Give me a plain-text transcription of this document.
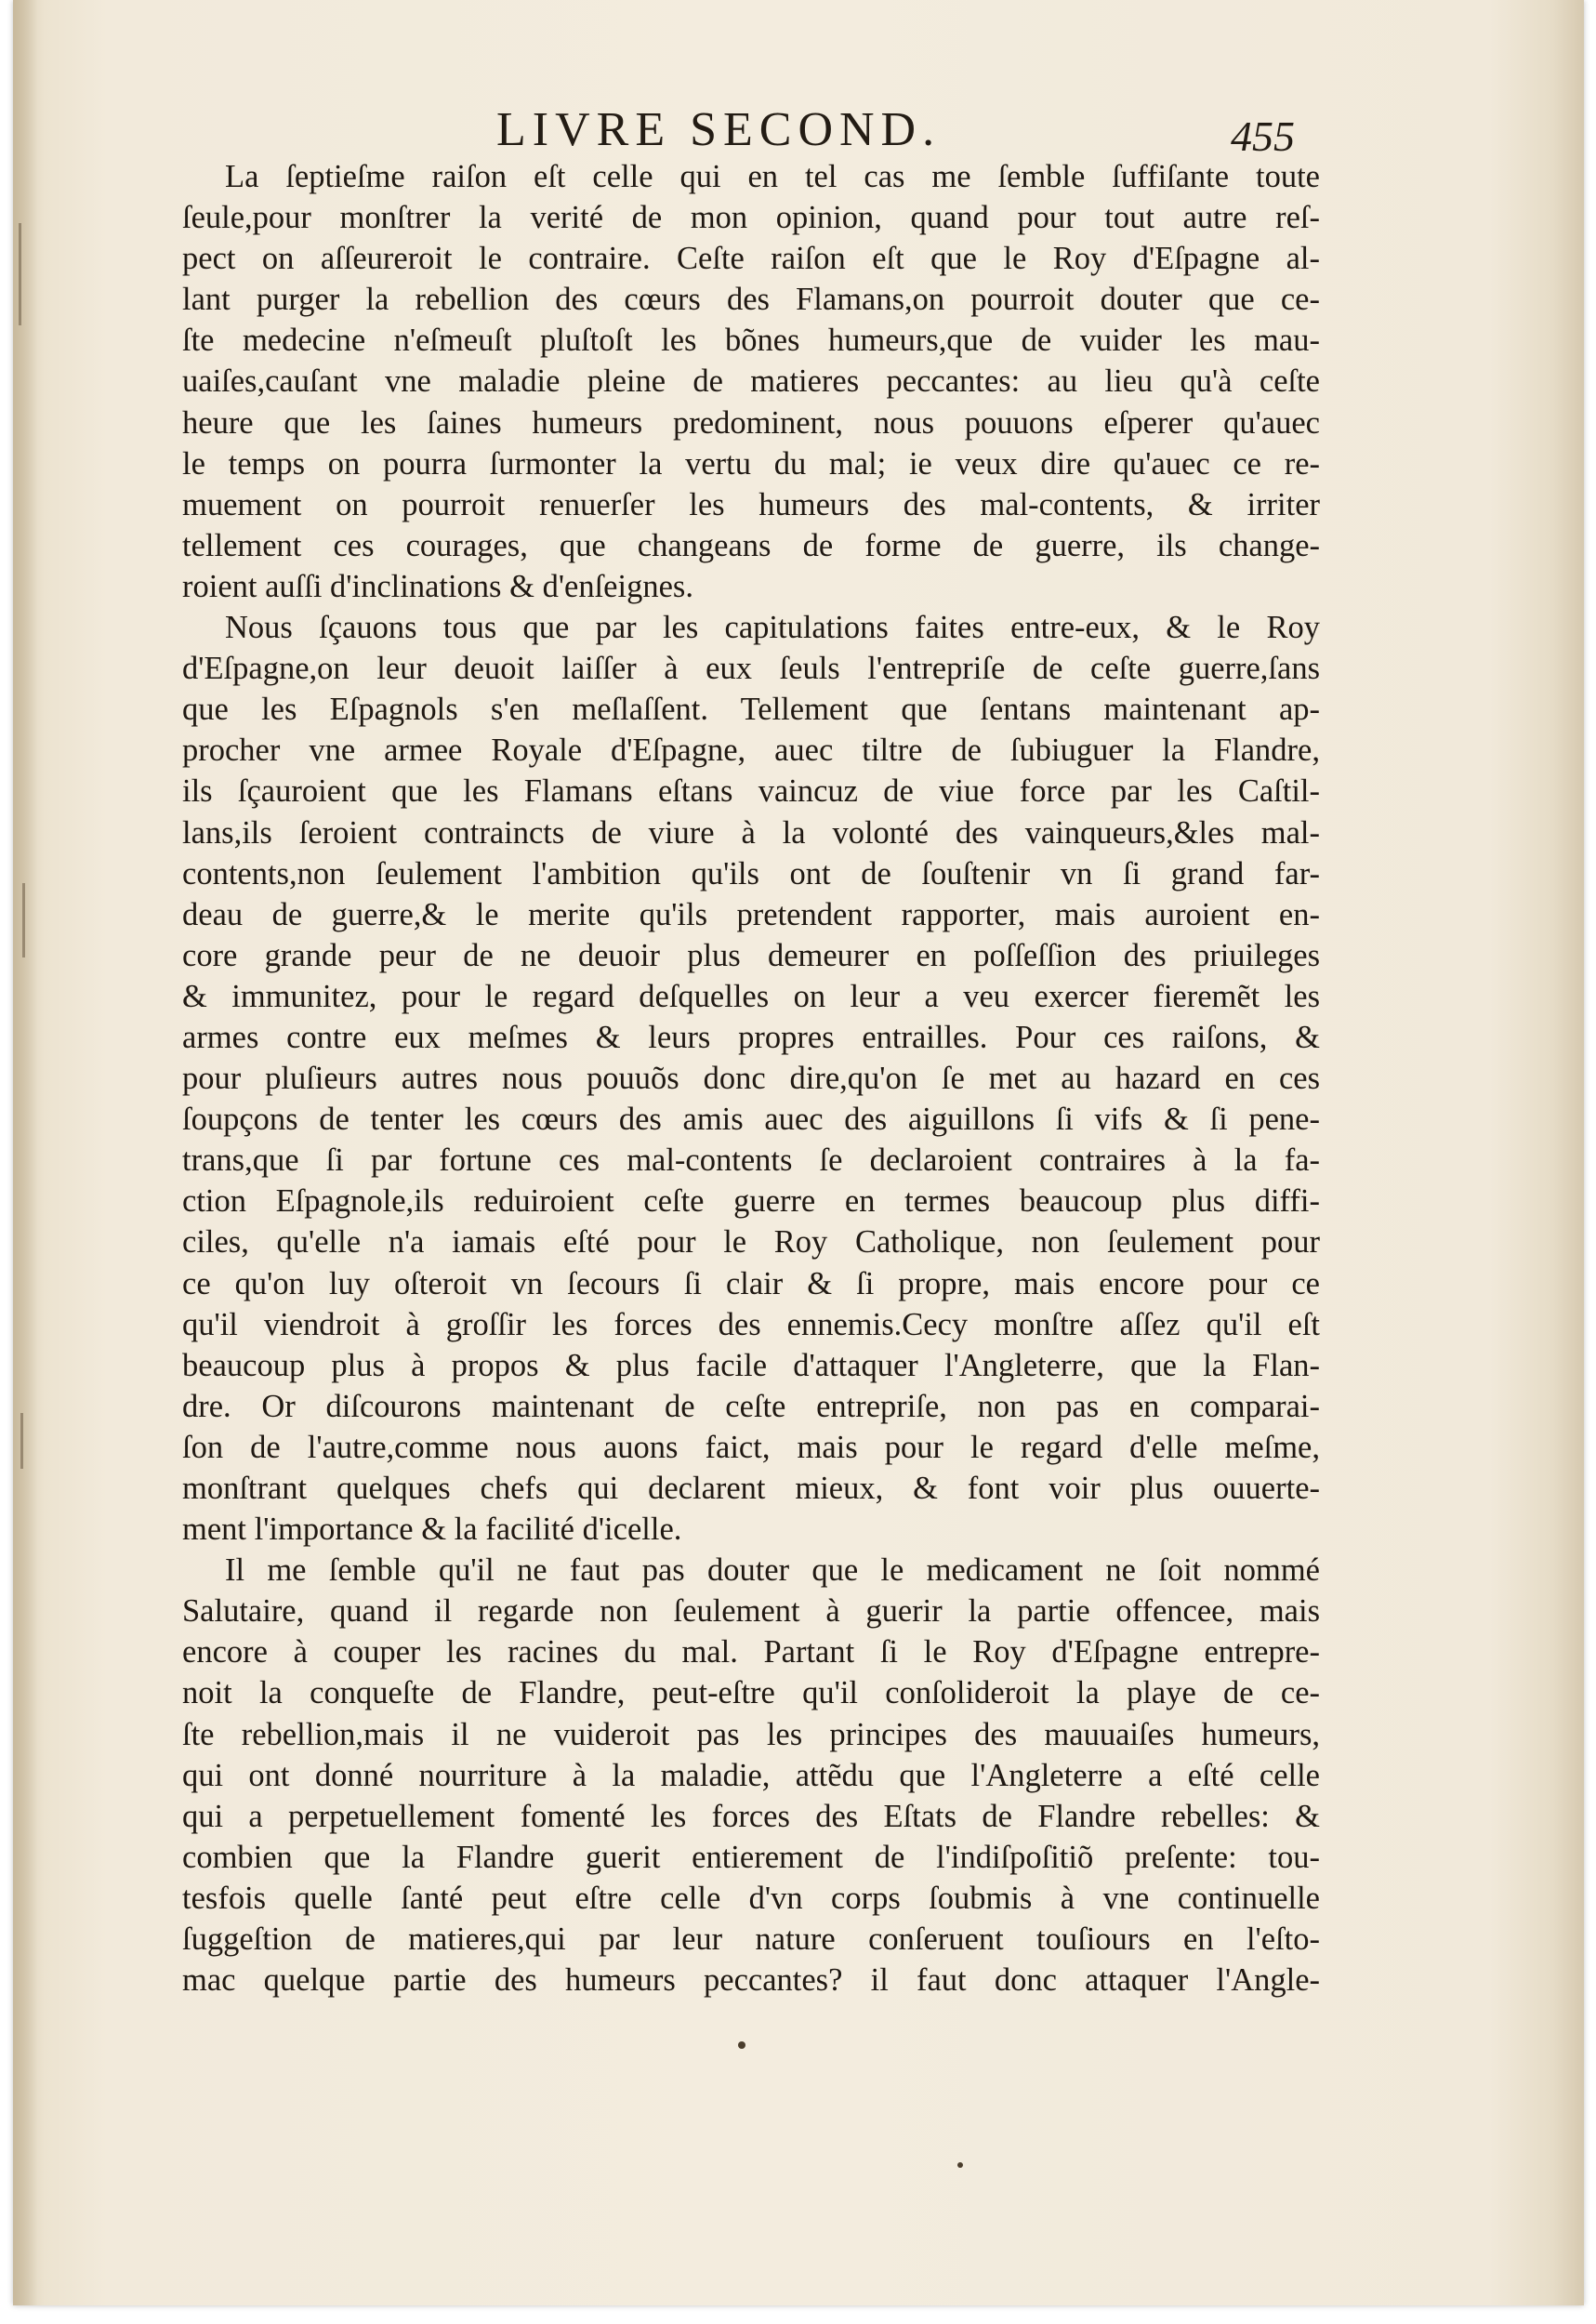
LIVRE SECOND.	455
La ſeptieſme raiſon eſt celle qui en tel cas me ſemble ſuffiſante toute
ſeule,pour monſtrer la verité de mon opinion, quand pour tout autre reſ-
pect on aſſeureroit le contraire. Ceſte raiſon eſt que le Roy d'Eſpagne al-
lant purger la rebellion des cœurs des Flamans,on pourroit douter que ce-
ſte medecine n'eſmeuſt pluſtoſt les bõnes humeurs,que de vuider les mau-
uaiſes,cauſant vne maladie pleine de matieres peccantes: au lieu qu'à ceſte
heure que les ſaines humeurs predominent, nous pouuons eſperer qu'auec
le temps on pourra ſurmonter la vertu du mal; ie veux dire qu'auec ce re-
muement on pourroit renuerſer les humeurs des mal-contents, & irriter
tellement ces courages, que changeans de forme de guerre, ils change-
roient auſſi d'inclinations & d'enſeignes.
Nous ſçauons tous que par les capitulations faites entre-eux, & le Roy
d'Eſpagne,on leur deuoit laiſſer à eux ſeuls l'entrepriſe de ceſte guerre,ſans
que les Eſpagnols s'en meſlaſſent. Tellement que ſentans maintenant ap-
procher vne armee Royale d'Eſpagne, auec tiltre de ſubiuguer la Flandre,
ils ſçauroient que les Flamans eſtans vaincuz de viue force par les Caſtil-
lans,ils ſeroient contraincts de viure à la volonté des vainqueurs,&les mal-
contents,non ſeulement l'ambition qu'ils ont de ſouſtenir vn ſi grand far-
deau de guerre,& le merite qu'ils pretendent rapporter, mais auroient en-
core grande peur de ne deuoir plus demeurer en poſſeſſion des priuileges
& immunitez, pour le regard deſquelles on leur a veu exercer fieremẽt les
armes contre eux meſmes & leurs propres entrailles. Pour ces raiſons, &
pour pluſieurs autres nous pouuõs donc dire,qu'on ſe met au hazard en ces
ſoupçons de tenter les cœurs des amis auec des aiguillons ſi vifs & ſi pene-
trans,que ſi par fortune ces mal-contents ſe declaroient contraires à la fa-
ction Eſpagnole,ils reduiroient ceſte guerre en termes beaucoup plus diffi-
ciles, qu'elle n'a iamais eſté pour le Roy Catholique, non ſeulement pour
ce qu'on luy oſteroit vn ſecours ſi clair & ſi propre, mais encore pour ce
qu'il viendroit à groſſir les forces des ennemis.Cecy monſtre aſſez qu'il eſt
beaucoup plus à propos & plus facile d'attaquer l'Angleterre, que la Flan-
dre. Or diſcourons maintenant de ceſte entrepriſe, non pas en comparai-
ſon de l'autre,comme nous auons faict, mais pour le regard d'elle meſme,
monſtrant quelques chefs qui declarent mieux, & font voir plus ouuerte-
ment l'importance & la facilité d'icelle.
Il me ſemble qu'il ne faut pas douter que le medicament ne ſoit nommé
Salutaire, quand il regarde non ſeulement à guerir la partie offencee, mais
encore à couper les racines du mal. Partant ſi le Roy d'Eſpagne entrepre-
noit la conqueſte de Flandre, peut-eſtre qu'il conſolideroit la playe de ce-
ſte rebellion,mais il ne vuideroit pas les principes des mauuaiſes humeurs,
qui ont donné nourriture à la maladie, attẽdu que l'Angleterre a eſté celle
qui a perpetuellement fomenté les forces des Eſtats de Flandre rebelles: &
combien que la Flandre guerit entierement de l'indiſpoſitiõ preſente: tou-
tesfois quelle ſanté peut eſtre celle d'vn corps ſoubmis à vne continuelle
ſuggeſtion de matieres,qui par leur nature conſeruent touſiours en l'eſto-
mac quelque partie des humeurs peccantes? il faut donc attaquer l'Angle-
